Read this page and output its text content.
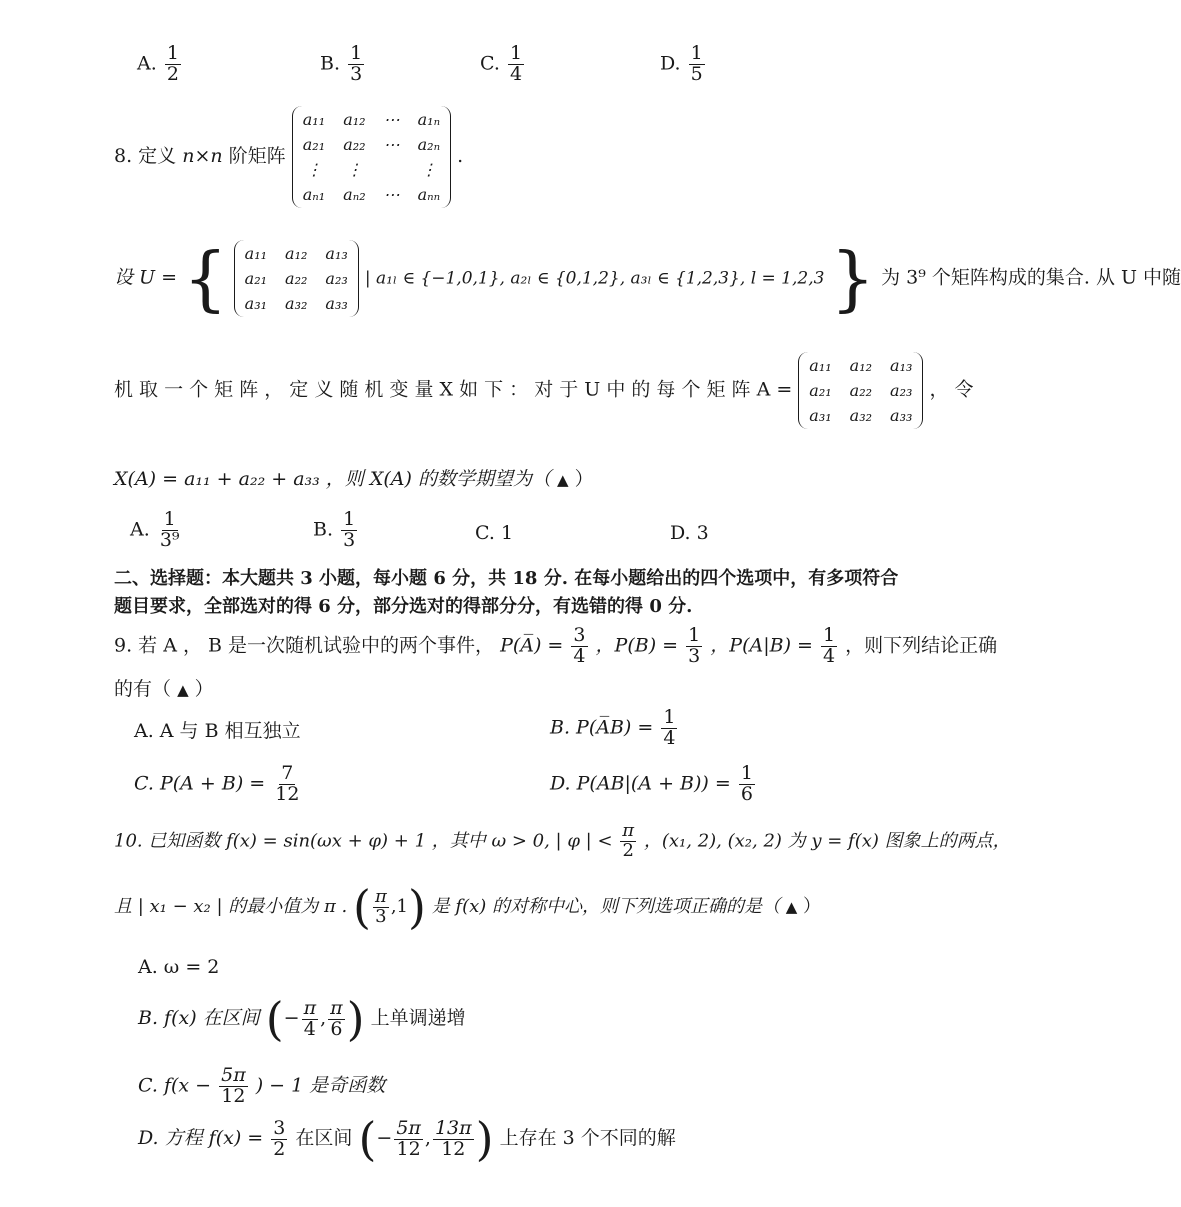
A. $\frac{1}{2}$	B. $\frac{1}{3}$	C. $\frac{1}{4}$	D. $\frac{1}{5}$
8. 定义 n×n 阶矩阵
a₁₁ a₁₂ ⋯ a₁ₙ
a₂₁ a₂₂ ⋯ a₂ₙ
⋮ ⋮	⋮
aₙ₁ aₙ₂ ⋯ aₙₙ
.
设 U = { a₁₁ a₁₂ a₁₃
a₂₁ a₂₂ a₂₃
a₃₁ a₃₂ a₃₃
| a₁ₗ ∈ {−1,0,1}, a₂ₗ ∈ {0,1,2}, a₃ₗ ∈ {1,2,3}, l = 1,2,3 } 为 3⁹ 个矩阵构成的集合. 从 U 中随
机 取 一 个 矩 阵 ， 定 义 随 机 变 量 X 如 下 ： 对 于 U 中 的 每 个 矩 阵 A =
a₁₁ a₁₂ a₁₃
a₂₁ a₂₂ a₂₃
a₃₁ a₃₂ a₃₃
， 令
X(A) = a₁₁ + a₂₂ + a₃₃ ，则 X(A) 的数学期望为（ ▲ ）
A. $\frac{1}{\text{3⁹}}$	B. $\frac{1}{3}$	C. 1	D. 3
二、选择题：本大题共 3 小题，每小题 6 分，共 18 分. 在每小题给出的四个选项中，有多项符合
题目要求，全部选对的得 6 分，部分选对的得部分分，有选错的得 0 分.
9. 若 A ， B 是一次随机试验中的两个事件， P(A̅) = $\frac{3}{4}$ ，$P(B) = \frac{1}{3}$ ，$P(A|B) = \frac{1}{4}$ ，则下列结论正确
的有（ ▲ ）
A. A 与 B 相互独立	B. P(A̅B) = $\frac{1}{4}$
C. $P(A + B) = \frac{7}{12}$	D. $P(AB|(A + B)) = \frac{1}{6}$
10. 已知函数 f(x) = sin(ωx + φ) + 1 ，其中 ω > 0, | φ | < $\frac{\pi}{2}$ ，(x₁, 2), (x₂, 2) 为 y = f(x) 图象上的两点，
且 | x₁ − x₂ | 的最小值为 π . ( $\frac{\pi}{3} ,1$) 是 f(x) 的对称中心，则下列选项正确的是（ ▲ ）
A. ω = 2
B. f(x) 在区间 (− $\frac{\pi}{4}$ , $\frac{\pi}{6}$ ) 上单调递增
C. $f(x - \frac{5\pi}{12}$ ) − 1 是奇函数
D. 方程 $f(x) = \frac{3}{2}$ 在区间 (− $\frac{5\pi}{12}$ , $\frac{13\pi}{12}$ ) 上存在 3 个不同的解
